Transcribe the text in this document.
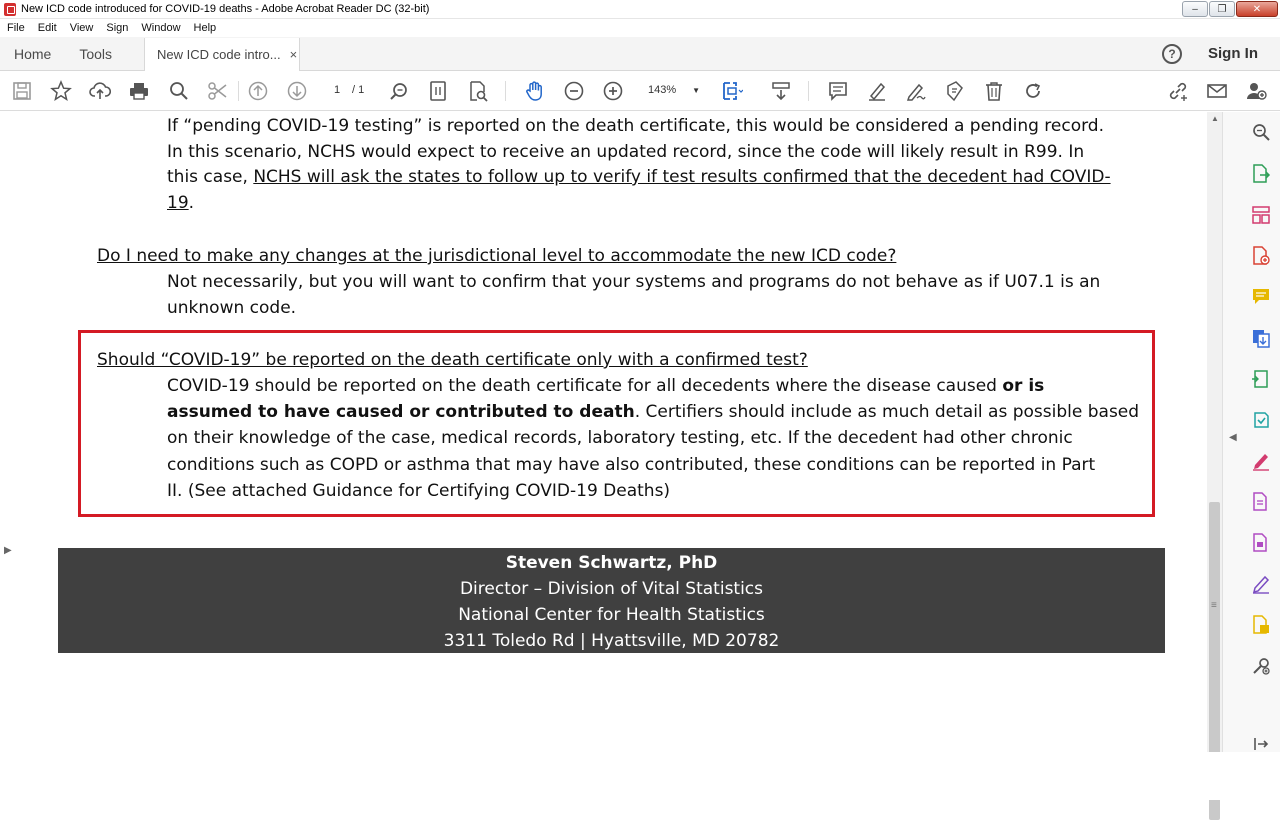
New ICD code introduced for COVID-19 deaths - Adobe Acrobat Reader DC (32-bit)	–	❐	✕
File	Edit	View	Sign	Window	Help
Home	Tools	New ICD code intro... ×	?	Sign In
1	/ 1	143% ▼
▶
If “pending COVID-19 testing” is reported on the death certificate, this would be considered a pending record.
In this scenario, NCHS would expect to receive an updated record, since the code will likely result in R99. In
this case, NCHS will ask the states to follow up to verify if test results confirmed that the decedent had COVID-
19.
Do I need to make any changes at the jurisdictional level to accommodate the new ICD code?
Not necessarily, but you will want to confirm that your systems and programs do not behave as if U07.1 is an
unknown code.
Should “COVID-19” be reported on the death certificate only with a confirmed test?
COVID-19 should be reported on the death certificate for all decedents where the disease caused or is
assumed to have caused or contributed to death. Certifiers should include as much detail as possible based
on their knowledge of the case, medical records, laboratory testing, etc. If the decedent had other chronic
conditions such as COPD or asthma that may have also contributed, these conditions can be reported in Part
II. (See attached Guidance for Certifying COVID-19 Deaths)
Steven Schwartz, PhD
Director – Division of Vital Statistics
National Center for Health Statistics
3311 Toledo Rd | Hyattsville, MD 20782
▲
≡
◀
